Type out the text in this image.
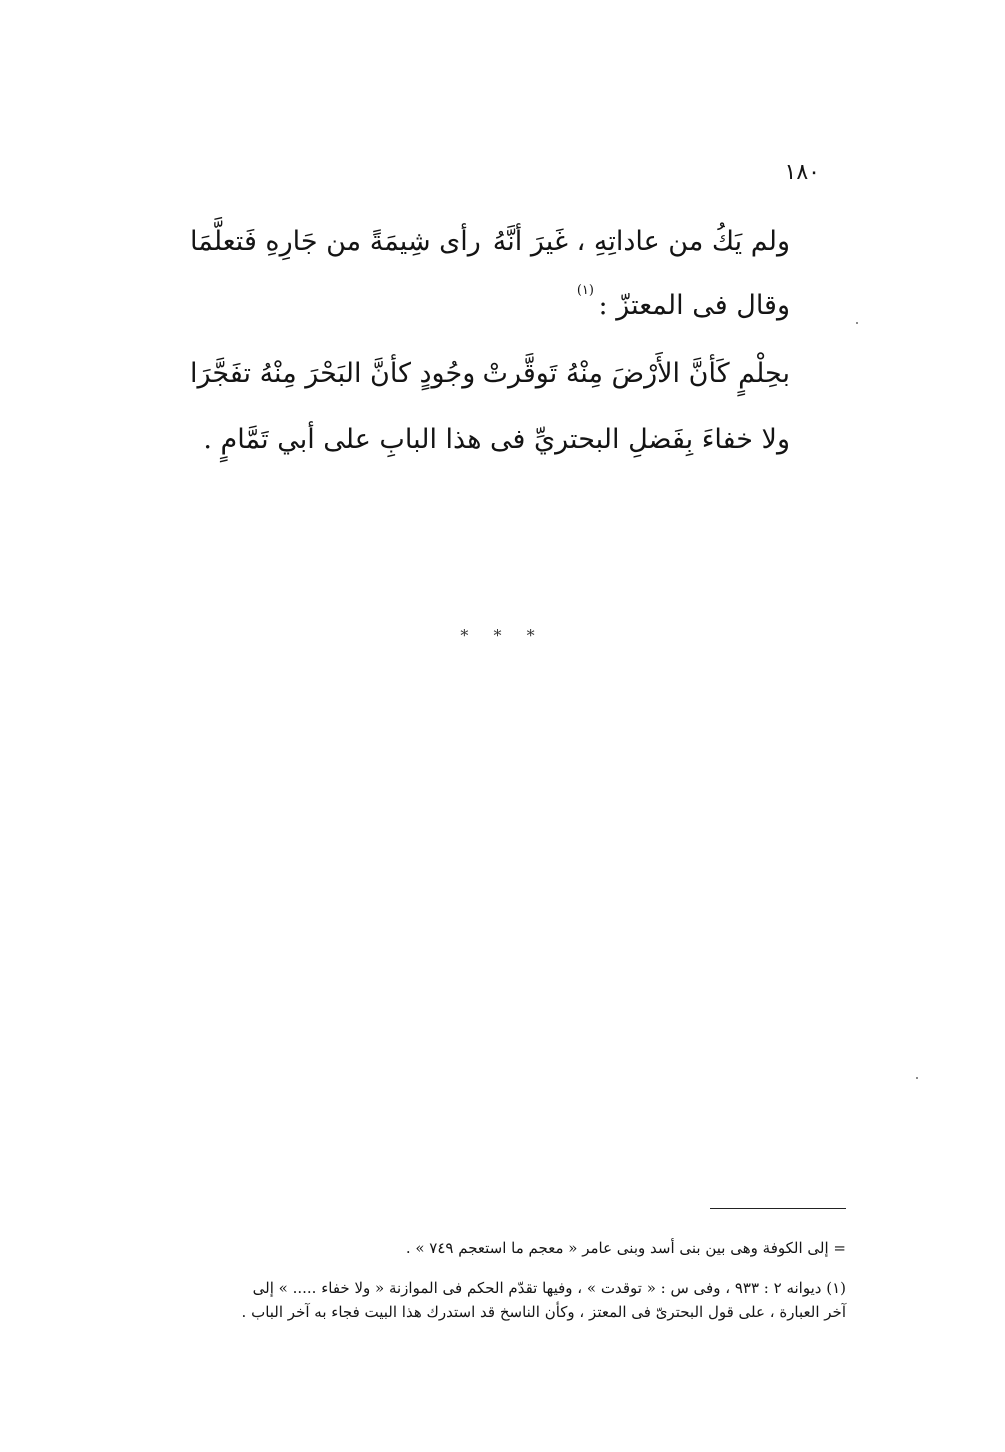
١٨٠
ولم يَكُ من عاداتِهِ ، غَيرَ أنَّهُ
رأى شِيمَةً من جَارِهِ فَتعلَّمَا
وقال فى المعتزّ : $^{(١)}$
بحِلْمٍ كَأنَّ الأَرْضَ مِنْهُ تَوقَّرتْ
وجُودٍ كأنَّ البَحْرَ مِنْهُ تفَجَّرَا
ولا خفاءَ بِفَضلِ البحتريِّ فى هذا البابِ على أبي تَمَّامٍ .
* * *
= إلى الكوفة وهى بين بنى أسد وبنى عامر « معجم ما استعجم ٧٤٩ » .
(١) ديوانه ٢ : ٩٣٣ ، وفى س : « توقدت » ، وفيها تقدّم الحكم فى الموازنة « ولا خفاء ..... » إلى
آخر العبارة ، على قول البحترىّ فى المعتز ، وكأن الناسخ قد استدرك هذا البيت فجاء به آخر الباب .
